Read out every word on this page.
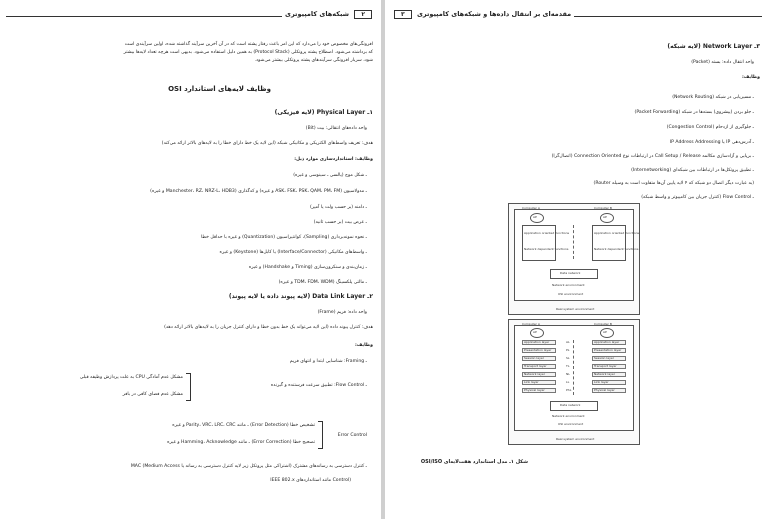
۲ شبکه‌های کامپیوتری
افزونگی‌های مخصوص خود را می‌دارد که این امر باعث رفتار پشته است که در آن آخرین سرآیند گذاشته شده، اولین سرآیندی است
که برداشته می‌شود. اصطلاح پشته پروتکلی (Protocol Stack) به همین دلیل استفاده می‌شود. بدیهی است هرچه تعداد لایه‌ها بیشتر
شود، سربار افزونگی سرآیندهای پشته پروتکلی بیشتر می‌شود.
وظایف لایه‌های استاندارد OSI
۱ـ Physical Layer (لایه فیزیکی)
واحد داده‌های انتقالی: بیت (Bit)
هدف: تعریف واسط‌های الکتریکی و مکانیکی شبکه (این لایه یک خط دارای خطا را به لایه‌های بالاتر ارائه می‌کند)
وظایف: استانداردسازی موارد ذیل:
ـ شکل موج (پالسی ـ سینوسی و غیره)
ـ مدولاسیون (ASK، FSK، PSK، QAM، PM، FM و غیره) و کدگذاری (Manchester، RZ، NRZ-L، HDB3 و غیره)
ـ دامنه (بر حسب ولت یا آمپر)
ـ عرض بیت (بر حسب ثانیه)
ـ نحوه نمونه‌برداری (Sampling)، کوانتیزاسیون (Quantization) و غیره با حداقل خطا
ـ واسط‌های مکانیکی (Interface/Connector) یا کابل‌ها (Keystone) و غیره
ـ زمان‌بندی و سنکرون‌سازی (Timing و Handshake) و غیره
ـ مالتی پلکسینگ (TDM، FDM، WDM و غیره)
۲ـ Data Link Layer (لایه پیوند داده یا لایه پیوند)
واحد داده: فریم (Frame)
هدف: کنترل پیوند داده (این لایه می‌تواند یک خط بدون خطا و دارای کنترل جریان را به لایه‌های بالاتر ارائه دهد)
وظایف:
ـ Framing: شناسایی ابتدا و انتهای فریم
ـ Flow Control: تطبیق سرعت فرستنده و گیرنده
مشکل عدم آمادگی CPU به علت پردازش وظیفه قبلی
مشکل عدم فضای کافی در بافر
Error Control
تشخیص خطا (Error Detection) ـ مانند Parity، VRC، LRC، CRC و غیره
تصحیح خطا (Error Correction) ـ مانند Hamming، Acknowledge و غیره
ـ کنترل دسترسی به رسانه‌های مشترک (اشتراکی مثل پروتکل زیر لایه کنترل دسترسی به رسانه یا MAC (Medium Access
(Control مانند استانداردهای IEEE 802.x
مقدمه‌ای بر انتقال داده‌ها و شبکه‌های کامپیوتری ۳
۳ـ Network Layer (لایه شبکه)
واحد انتقال داده: بسته (Packet)
وظایف:
ـ مسیریابی در شبکه (Network Routing)
ـ جلو بردن (پیشروی) بسته‌ها در شبکه (Packet Forwarding)
ـ جلوگیری از ازدحام (Congestion Control)
ـ آدرس‌دهی IP یا IP Address Addressing
ـ برپایی و آزادسازی مکالمه Call Setup / Release در ارتباطات نوع Connection Oriented (اتصال‌گرا)
ـ تطبیق پروتکل‌ها در ارتباطات بین شبکه‌ای (Internetworking)
(به عبارت دیگر اتصال دو شبکه که ۴ لایه پایین آن‌ها متفاوت است به وسیله Router)
ـ Flow Control (کنترل جریان بین کامپیوتر و واسط شبکه)
Real system environment
Computer A	Computer B
AP	AP
Application oriented functions	Application oriented functions
Network dependent functions	Network dependent functions
Data network
Network environment
OSI environment
Real system environment
Computer A	Computer B
AP	AP
Application layer
Presentation layer
Session layer
Transport layer
Network layer
Link layer
Physical layer
Application layer
Presentation layer
Session layer
Transport layer
Network layer
Link layer
Physical layer
AL
PL
SL
TL
NL
LL
PhL
Data network
Network environment
OSI environment
شکل ۱ـ مدل استاندارد هفت‌لایه‌ای OSI/ISO
